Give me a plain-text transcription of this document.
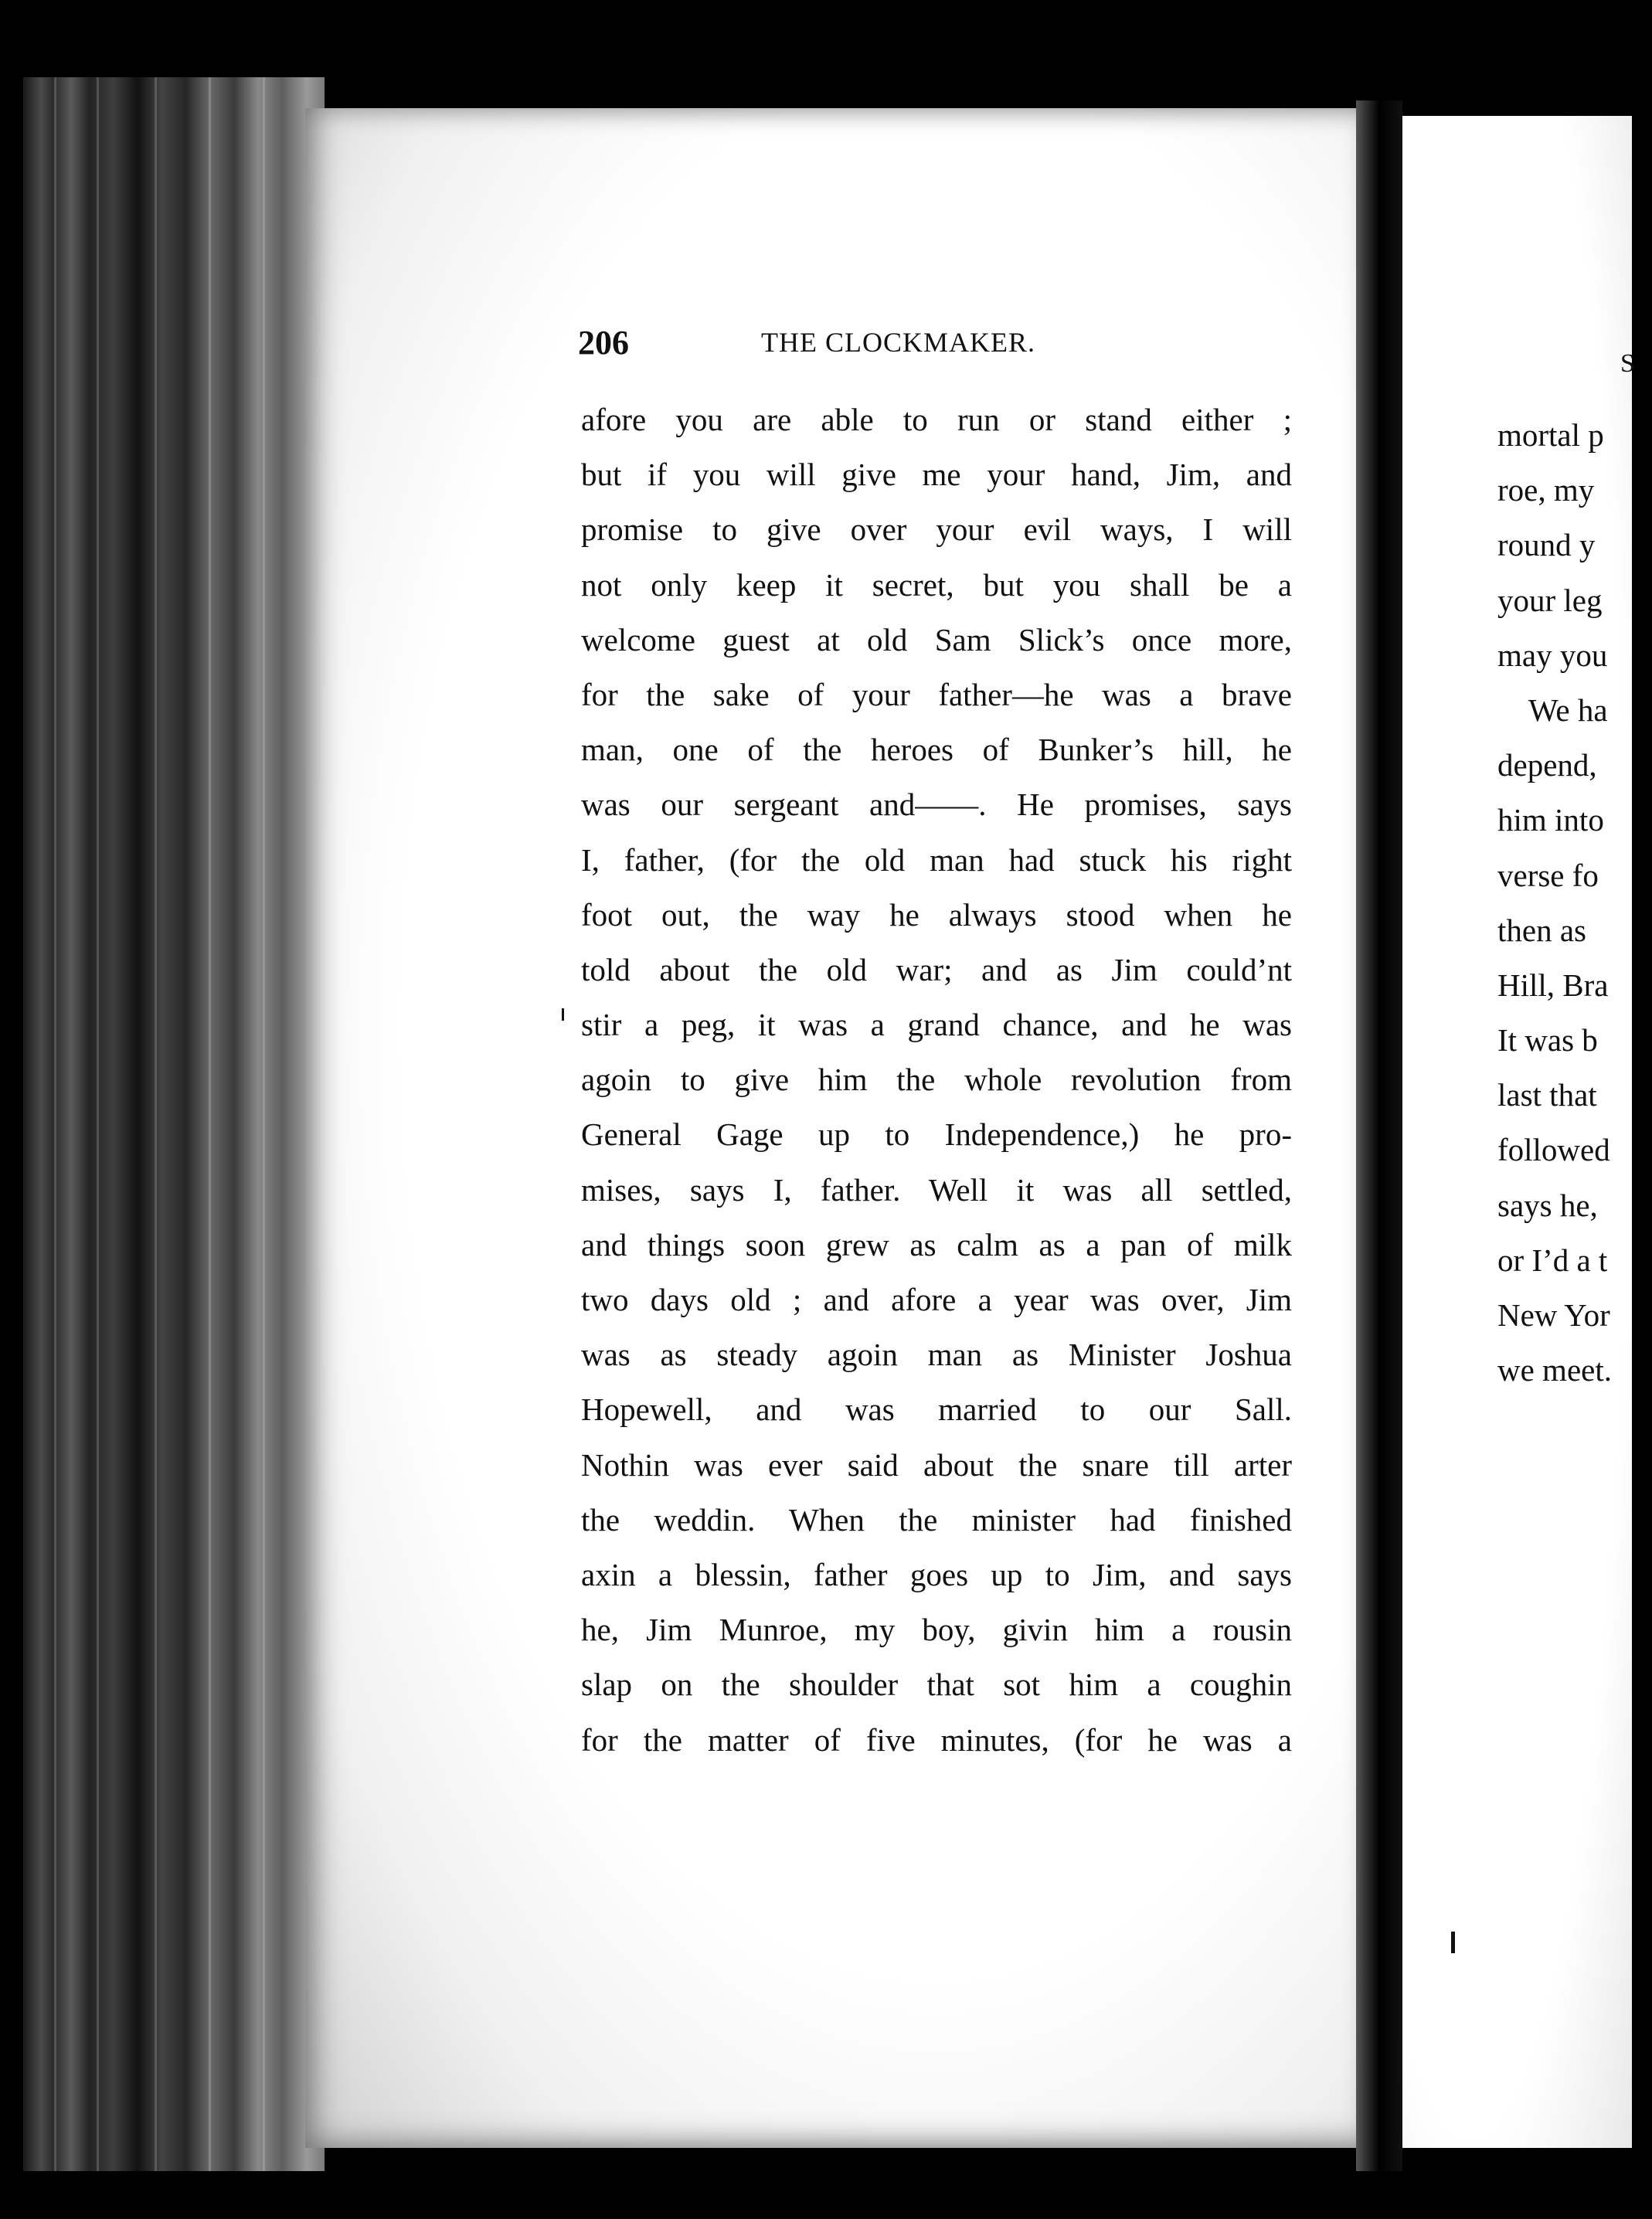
206	THE CLOCKMAKER.
afore you are able to run or stand either ;
but if you will give me your hand, Jim, and
promise to give over your evil ways, I will
not only keep it secret, but you shall be a
welcome guest at old Sam Slick’s once more,
for the sake of your father—he was a brave
man, one of the heroes of Bunker’s hill, he
was our sergeant and——. He promises, says
I, father, (for the old man had stuck his right
foot out, the way he always stood when he
told about the old war; and as Jim could’nt
stir a peg, it was a grand chance, and he was
agoin to give him the whole revolution from
General Gage up to Independence,) he pro-
mises, says I, father. Well it was all settled,
and things soon grew as calm as a pan of milk
two days old ; and afore a year was over, Jim
was as steady agoin man as Minister Joshua
Hopewell, and was married to our Sall.
Nothin was ever said about the snare till arter
the weddin. When the minister had finished
axin a blessin, father goes up to Jim, and says
he, Jim Munroe, my boy, givin him a rousin
slap on the shoulder that sot him a coughin
for the matter of five minutes, (for he was a
S
mortal p
roe, my
round y
your leg
may you
We ha
depend,
him into
verse fo
then as
Hill, Bra
It was b
last that
followed
says he,
or I’d a t
New Yor
we meet.
